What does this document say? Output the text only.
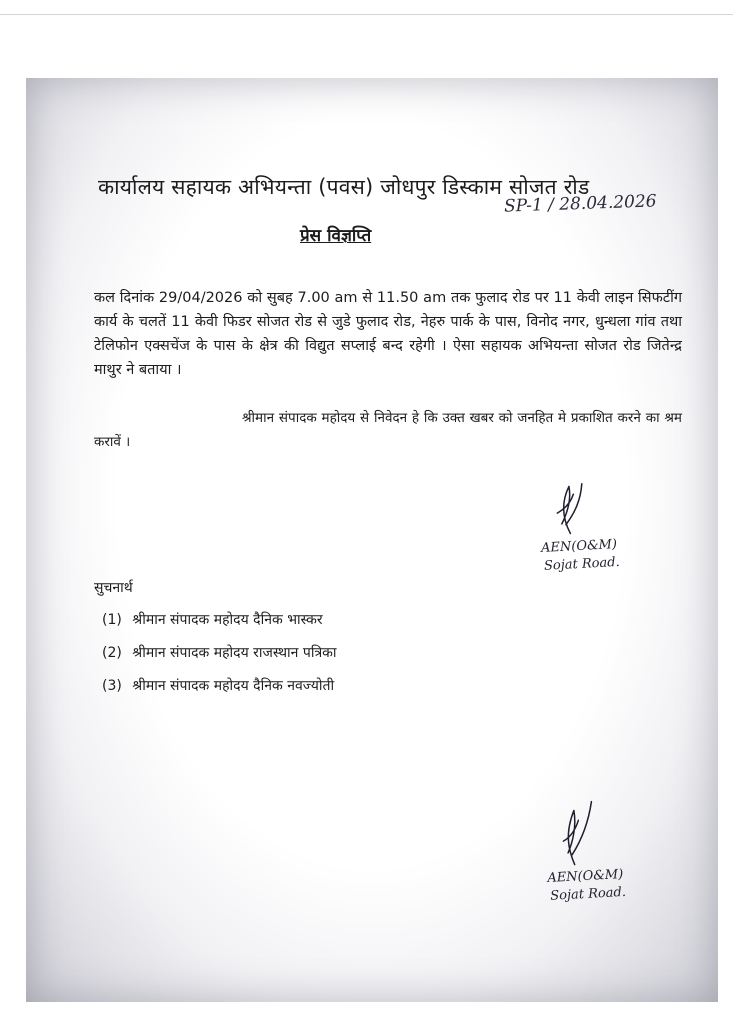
कार्यालय सहायक अभियन्ता (पवस) जोधपुर डिस्काम सोजत रोड
SP-1 / 28.04.2026
प्रेस विज्ञप्ति
कल दिनांक 29/04/2026 को सुबह 7.00 am से 11.50 am तक फुलाद रोड पर 11 केवी लाइन सिफटींग कार्य के चलतें 11 केवी फिडर सोजत रोड से जुडे फुलाद रोड, नेहरु पार्क के पास, विनोद नगर, धुन्धला गांव तथा टेलिफोन एक्सचेंज के पास के क्षेत्र की विद्युत सप्लाई बन्द रहेगी । ऐसा सहायक अभियन्ता सोजत रोड जितेन्द्र माथुर ने बताया ।
श्रीमान संपादक महोदय से निवेदन हे कि उक्त खबर को जनहित मे प्रकाशित करने का श्रम करावें ।
AEN(O&M)
Sojat Road.
AEN(O&M)
Sojat Road.
सुचनार्थ
(1) श्रीमान संपादक महोदय दैनिक भास्कर
(2) श्रीमान संपादक महोदय राजस्थान पत्रिका
(3) श्रीमान संपादक महोदय दैनिक नवज्योती
